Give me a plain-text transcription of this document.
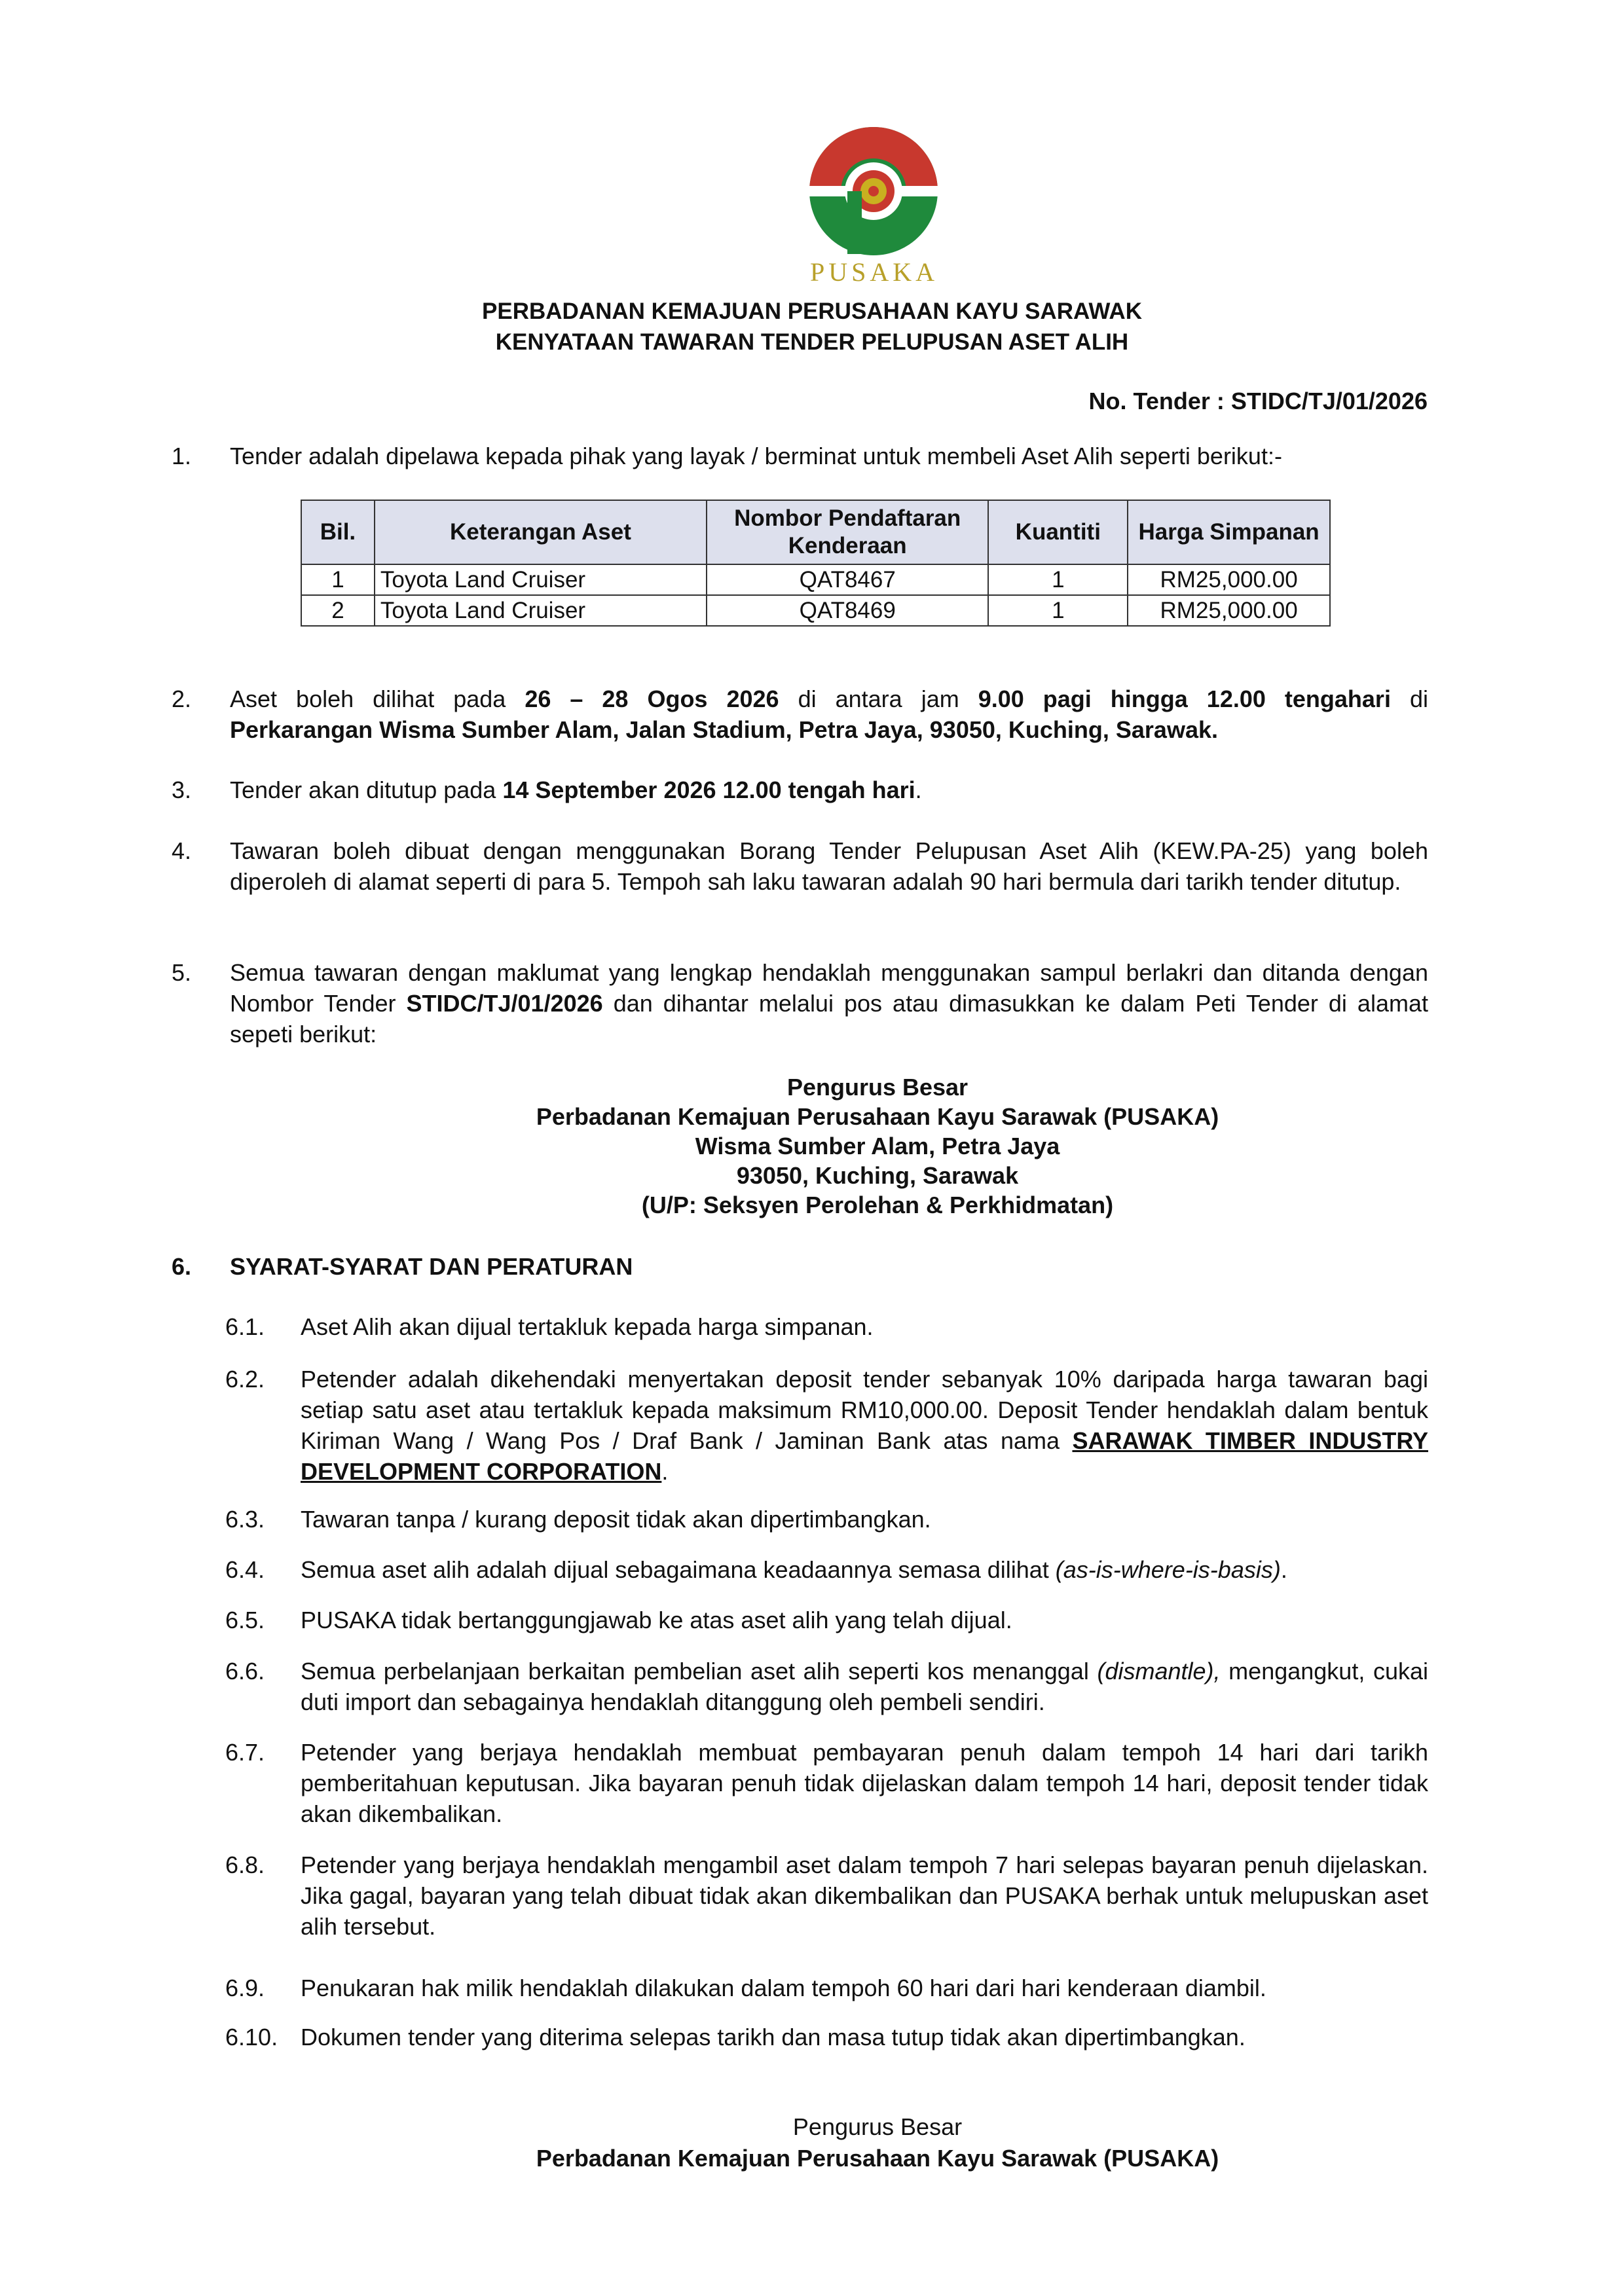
PUSAKA
PERBADANAN KEMAJUAN PERUSAHAAN KAYU SARAWAK
KENYATAAN TAWARAN TENDER PELUPUSAN ASET ALIH
No. Tender : STIDC/TJ/01/2026
1. Tender adalah dipelawa kepada pihak yang layak / berminat untuk membeli Aset Alih seperti berikut:-
Bil.	Keterangan Aset	Nombor Pendaftaran Kenderaan	Kuantiti	Harga Simpanan
1	Toyota Land Cruiser	QAT8467	1	RM25,000.00
2	Toyota Land Cruiser	QAT8469	1	RM25,000.00
2. Aset boleh dilihat pada 26 – 28 Ogos 2026 di antara jam 9.00 pagi hingga 12.00 tengahari di
Perkarangan Wisma Sumber Alam, Jalan Stadium, Petra Jaya, 93050, Kuching, Sarawak.
3. Tender akan ditutup pada 14 September 2026 12.00 tengah hari.
4. Tawaran boleh dibuat dengan menggunakan Borang Tender Pelupusan Aset Alih (KEW.PA-25) yang boleh diperoleh di alamat seperti di para 5. Tempoh sah laku tawaran adalah 90 hari bermula dari tarikh tender ditutup.
5. Semua tawaran dengan maklumat yang lengkap hendaklah menggunakan sampul berlakri dan ditanda dengan Nombor Tender STIDC/TJ/01/2026 dan dihantar melalui pos atau dimasukkan ke dalam Peti Tender di alamat sepeti berikut:
Pengurus Besar
Perbadanan Kemajuan Perusahaan Kayu Sarawak (PUSAKA)
Wisma Sumber Alam, Petra Jaya
93050, Kuching, Sarawak
(U/P: Seksyen Perolehan & Perkhidmatan)
6. SYARAT-SYARAT DAN PERATURAN
6.1. Aset Alih akan dijual tertakluk kepada harga simpanan.
6.2. Petender adalah dikehendaki menyertakan deposit tender sebanyak 10% daripada harga tawaran bagi setiap satu aset atau tertakluk kepada maksimum RM10,000.00. Deposit Tender hendaklah dalam bentuk Kiriman Wang / Wang Pos / Draf Bank / Jaminan Bank atas nama SARAWAK TIMBER INDUSTRY DEVELOPMENT CORPORATION.
6.3. Tawaran tanpa / kurang deposit tidak akan dipertimbangkan.
6.4. Semua aset alih adalah dijual sebagaimana keadaannya semasa dilihat (as-is-where-is-basis).
6.5. PUSAKA tidak bertanggungjawab ke atas aset alih yang telah dijual.
6.6. Semua perbelanjaan berkaitan pembelian aset alih seperti kos menanggal (dismantle), mengangkut, cukai duti import dan sebagainya hendaklah ditanggung oleh pembeli sendiri.
6.7. Petender yang berjaya hendaklah membuat pembayaran penuh dalam tempoh 14 hari dari tarikh pemberitahuan keputusan. Jika bayaran penuh tidak dijelaskan dalam tempoh 14 hari, deposit tender tidak akan dikembalikan.
6.8. Petender yang berjaya hendaklah mengambil aset dalam tempoh 7 hari selepas bayaran penuh dijelaskan. Jika gagal, bayaran yang telah dibuat tidak akan dikembalikan dan PUSAKA berhak untuk melupuskan aset alih tersebut.
6.9. Penukaran hak milik hendaklah dilakukan dalam tempoh 60 hari dari hari kenderaan diambil.
6.10. Dokumen tender yang diterima selepas tarikh dan masa tutup tidak akan dipertimbangkan.
Pengurus Besar
Perbadanan Kemajuan Perusahaan Kayu Sarawak (PUSAKA)
